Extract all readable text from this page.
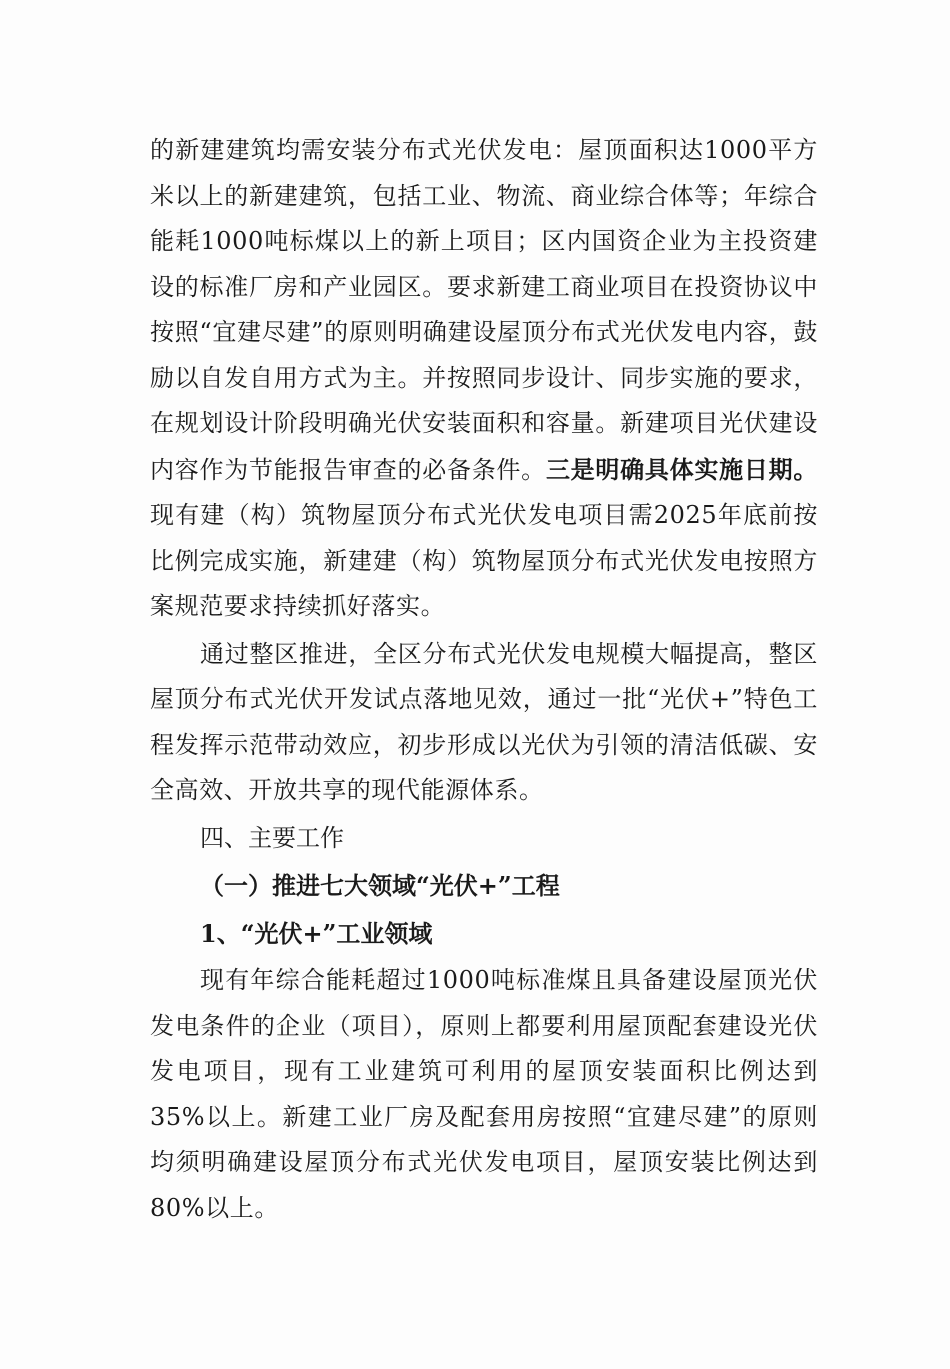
的新建建筑均需安装分布式光伏发电：屋顶面积达1000平方米以上的新建建筑，包括工业、物流、商业综合体等；年综合能耗1000吨标煤以上的新上项目；区内国资企业为主投资建设的标准厂房和产业园区。要求新建工商业项目在投资协议中按照“宜建尽建”的原则明确建设屋顶分布式光伏发电内容，鼓励以自发自用方式为主。并按照同步设计、同步实施的要求，在规划设计阶段明确光伏安装面积和容量。新建项目光伏建设内容作为节能报告审查的必备条件。三是明确具体实施日期。现有建（构）筑物屋顶分布式光伏发电项目需2025年底前按比例完成实施，新建建（构）筑物屋顶分布式光伏发电按照方案规范要求持续抓好落实。

通过整区推进，全区分布式光伏发电规模大幅提高，整区屋顶分布式光伏开发试点落地见效，通过一批“光伏+”特色工程发挥示范带动效应，初步形成以光伏为引领的清洁低碳、安全高效、开放共享的现代能源体系。

四、主要工作
（一）推进七大领域“光伏+”工程
1、“光伏+”工业领域

现有年综合能耗超过1000吨标准煤且具备建设屋顶光伏发电条件的企业（项目），原则上都要利用屋顶配套建设光伏发电项目，现有工业建筑可利用的屋顶安装面积比例达到35%以上。新建工业厂房及配套用房按照“宜建尽建”的原则均须明确建设屋顶分布式光伏发电项目，屋顶安装比例达到 80%以上。
